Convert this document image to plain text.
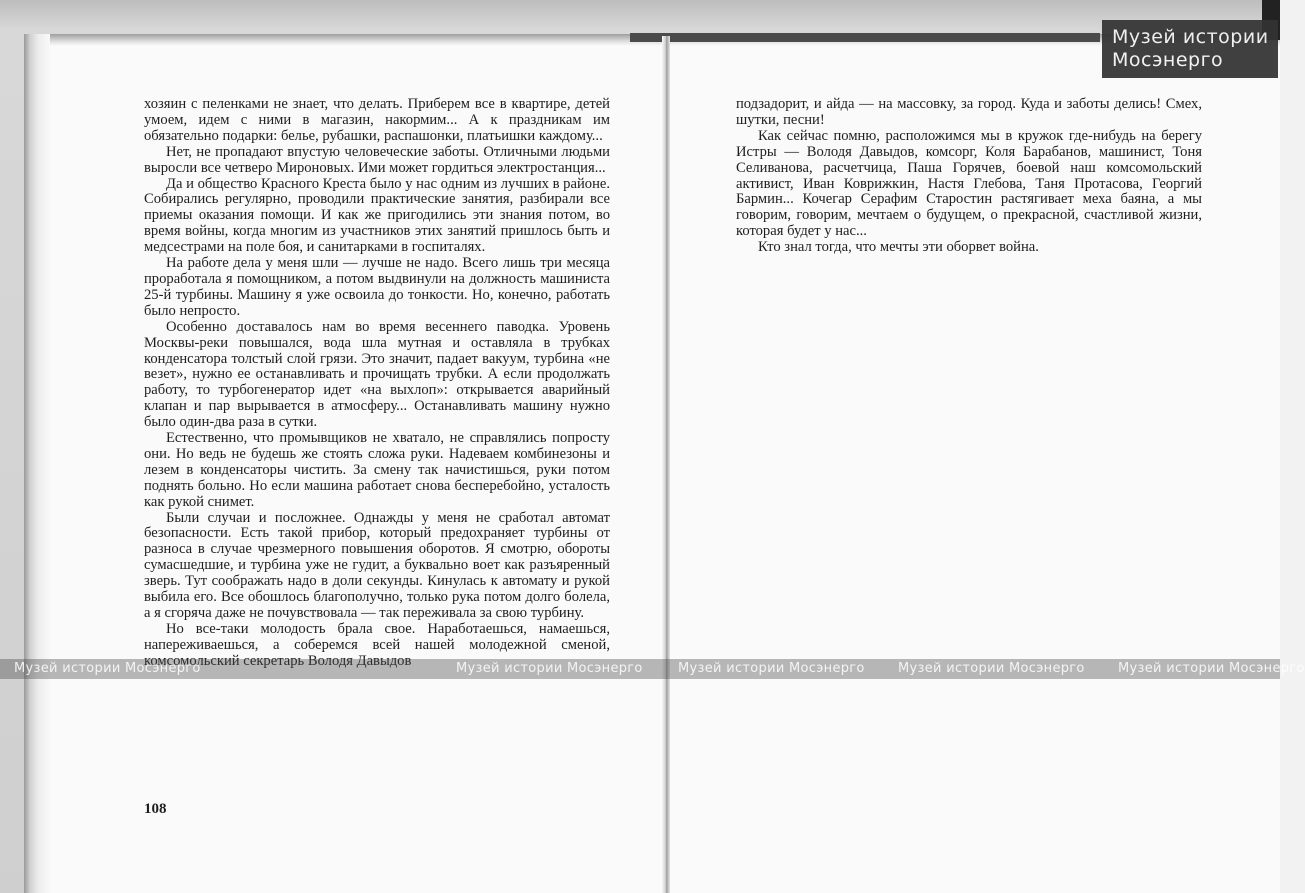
хозяин с пеленками не знает, что делать. Приберем все в квартире, детей умоем, идем с ними в магазин, накормим... А к праздникам им обязательно подарки: белье, рубашки, распашонки, платьишки каждому...

Нет, не пропадают впустую человеческие заботы. Отличными людьми выросли все четверо Мироновых. Ими может гордиться электростанция...

Да и общество Красного Креста было у нас одним из лучших в районе. Собирались регулярно, проводили практические занятия, разбирали все приемы оказания помощи. И как же пригодились эти знания потом, во время войны, когда многим из участников этих занятий пришлось быть и медсестрами на поле боя, и санитарками в госпиталях.

На работе дела у меня шли — лучше не надо. Всего лишь три месяца проработала я помощником, а потом выдвинули на должность машиниста 25-й турбины. Машину я уже освоила до тонкости. Но, конечно, работать было непросто.

Особенно доставалось нам во время весеннего паводка. Уровень Москвы-реки повышался, вода шла мутная и оставляла в трубках конденсатора толстый слой грязи. Это значит, падает вакуум, турбина «не везет», нужно ее останавливать и прочищать трубки. А если продолжать работу, то турбогенератор идет «на выхлоп»: открывается аварийный клапан и пар вырывается в атмосферу... Останавливать машину нужно было один-два раза в сутки.

Естественно, что промывщиков не хватало, не справлялись попросту они. Но ведь не будешь же стоять сложа руки. Надеваем комбинезоны и лезем в конденсаторы чистить. За смену так начистишься, руки потом поднять больно. Но если машина работает снова бесперебойно, усталость как рукой снимет.

Были случаи и посложнее. Однажды у меня не сработал автомат безопасности. Есть такой прибор, который предохраняет турбины от разноса в случае чрезмерного повышения оборотов. Я смотрю, обороты сумасшедшие, и турбина уже не гудит, а буквально воет как разъяренный зверь. Тут соображать надо в доли секунды. Кинулась к автомату и рукой выбила его. Все обошлось благополучно, только рука потом долго болела, а я сгоряча даже не почувствовала — так переживала за свою турбину.

Но все-таки молодость брала свое. Наработаешься, намаешься, напереживаешься, а соберемся всей нашей молодежной сменой, комсомольский секретарь Володя Давыдов

108

подзадорит, и айда — на массовку, за город. Куда и заботы делись! Смех, шутки, песни!

Как сейчас помню, расположимся мы в кружок где-нибудь на берегу Истры — Володя Давыдов, комсорг, Коля Барабанов, машинист, Тоня Селиванова, расчетчица, Паша Горячев, боевой наш комсомольский активист, Иван Коврижкин, Настя Глебова, Таня Протасова, Георгий Бармин... Кочегар Серафим Старостин растягивает меха баяна, а мы говорим, говорим, мечтаем о будущем, о прекрасной, счастливой жизни, которая будет у нас...

Кто знал тогда, что мечты эти оборвет война.

Музей истории Мосэнерго	Музей истории Мосэнерго	Музей истории Мосэнерго	Музей истории Мосэнерго	Музей истории Мосэнерго
Музей истории
Мосэнерго
